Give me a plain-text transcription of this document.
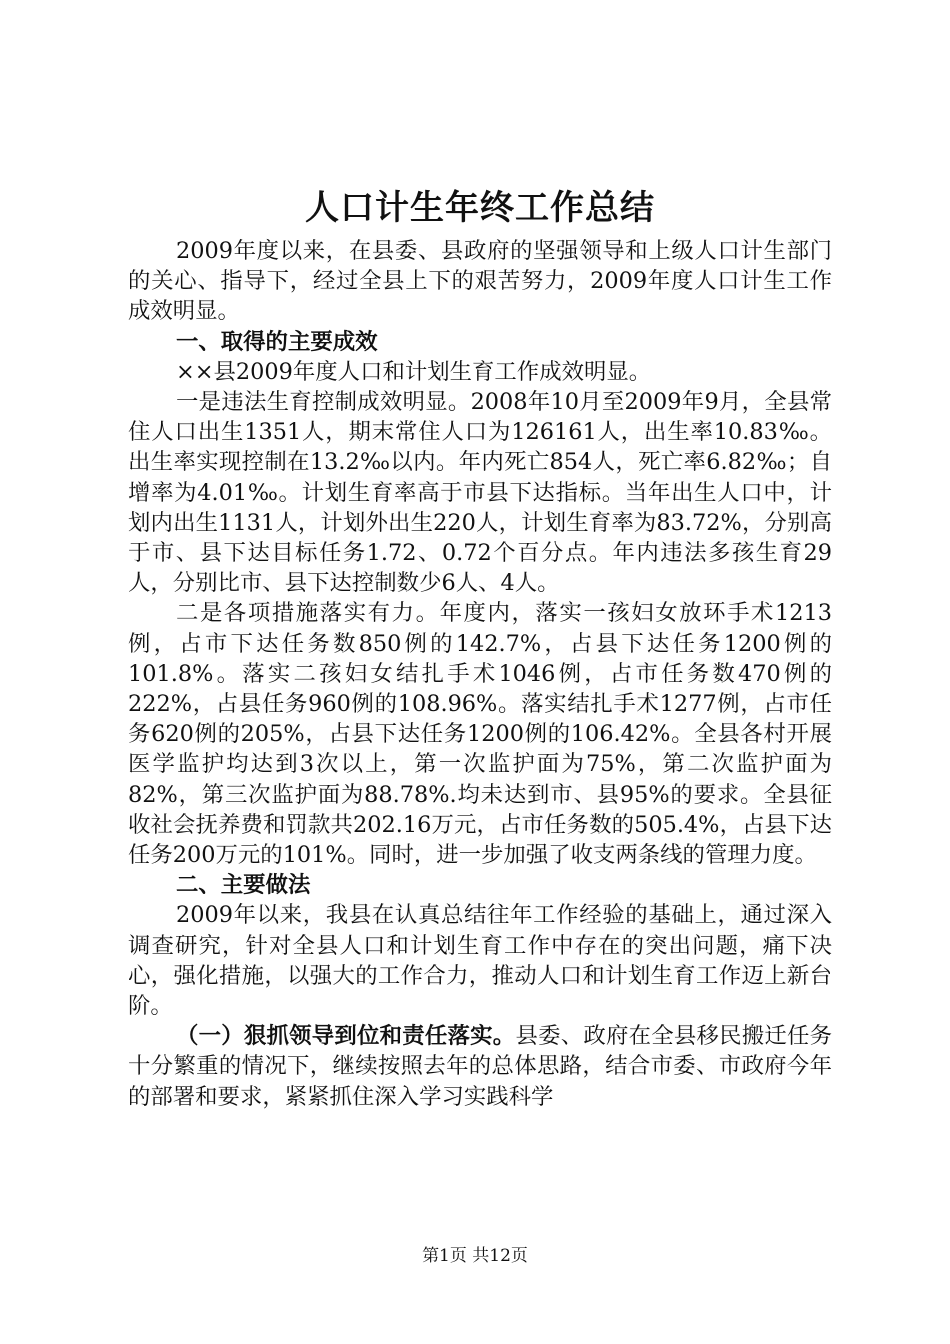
人口计生年终工作总结

2009年度以来，在县委、县政府的坚强领导和上级人口计生部门的关心、指导下，经过全县上下的艰苦努力，2009年度人口计生工作成效明显。

一、取得的主要成效

××县2009年度人口和计划生育工作成效明显。

一是违法生育控制成效明显。2008年10月至2009年9月，全县常住人口出生1351人，期末常住人口为126161人，出生率10.83‰。出生率实现控制在13.2‰以内。年内死亡854人，死亡率6.82‰；自增率为4.01‰。计划生育率高于市县下达指标。当年出生人口中，计划内出生1131人，计划外出生220人，计划生育率为83.72%，分别高于市、县下达目标任务1.72、0.72个百分点。年内违法多孩生育29人，分别比市、县下达控制数少6人、4人。

二是各项措施落实有力。年度内，落实一孩妇女放环手术1213例，占市下达任务数850例的142.7%，占县下达任务1200例的101.8%。落实二孩妇女结扎手术1046例，占市任务数470例的222%，占县任务960例的108.96%。落实结扎手术1277例，占市任务620例的205%，占县下达任务1200例的106.42%。全县各村开展医学监护均达到3次以上，第一次监护面为75%，第二次监护面为82%，第三次监护面为88.78%.均未达到市、县95%的要求。全县征收社会抚养费和罚款共202.16万元，占市任务数的505.4%，占县下达任务200万元的101%。同时，进一步加强了收支两条线的管理力度。

二、主要做法

2009年以来，我县在认真总结往年工作经验的基础上，通过深入调查研究，针对全县人口和计划生育工作中存在的突出问题，痛下决心，强化措施，以强大的工作合力，推动人口和计划生育工作迈上新台阶。

（一）狠抓领导到位和责任落实。县委、政府在全县移民搬迁任务十分繁重的情况下，继续按照去年的总体思路，结合市委、市政府今年的部署和要求，紧紧抓住深入学习实践科学

第1页 共12页
